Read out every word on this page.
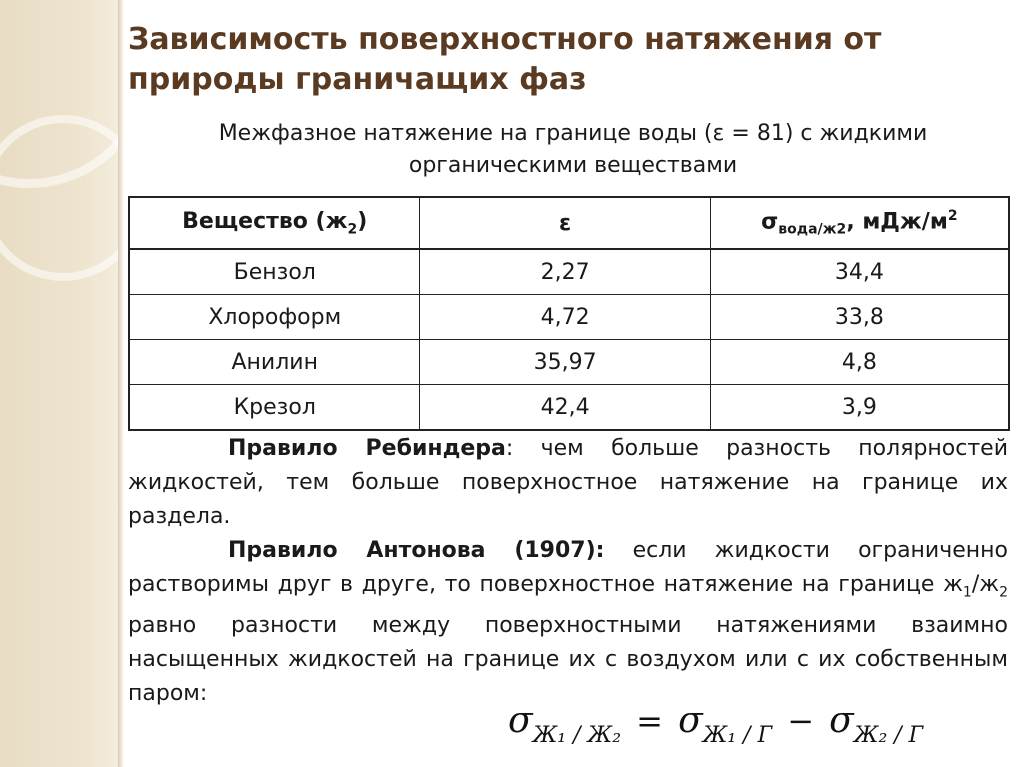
Зависимость поверхностного натяжения от природы граничащих фаз
Межфазное натяжение на границе воды (ε = 81) с жидкими органическими веществами
Вещество $(ж_2)$	ε	$\sigma_{вода/ж2}$, мДж/$м^2$
Бензол	2,27	34,4
Хлороформ	4,72	33,8
Анилин	35,97	4,8
Крезол	42,4	3,9
Правило Ребиндера: чем больше разность полярностей жидкостей, тем больше поверхностное натяжение на границе их раздела.
Правило Антонова (1907): если жидкости ограниченно растворимы друг в друге, то поверхностное натяжение на границе $ж_1/ж_2$ равно разности между поверхностными натяжениями взаимно насыщенных жидкостей на границе их с воздухом или с их собственным паром:
σЖ₁ / Ж₂ = σЖ₁ / Г − σЖ₂ / Г
